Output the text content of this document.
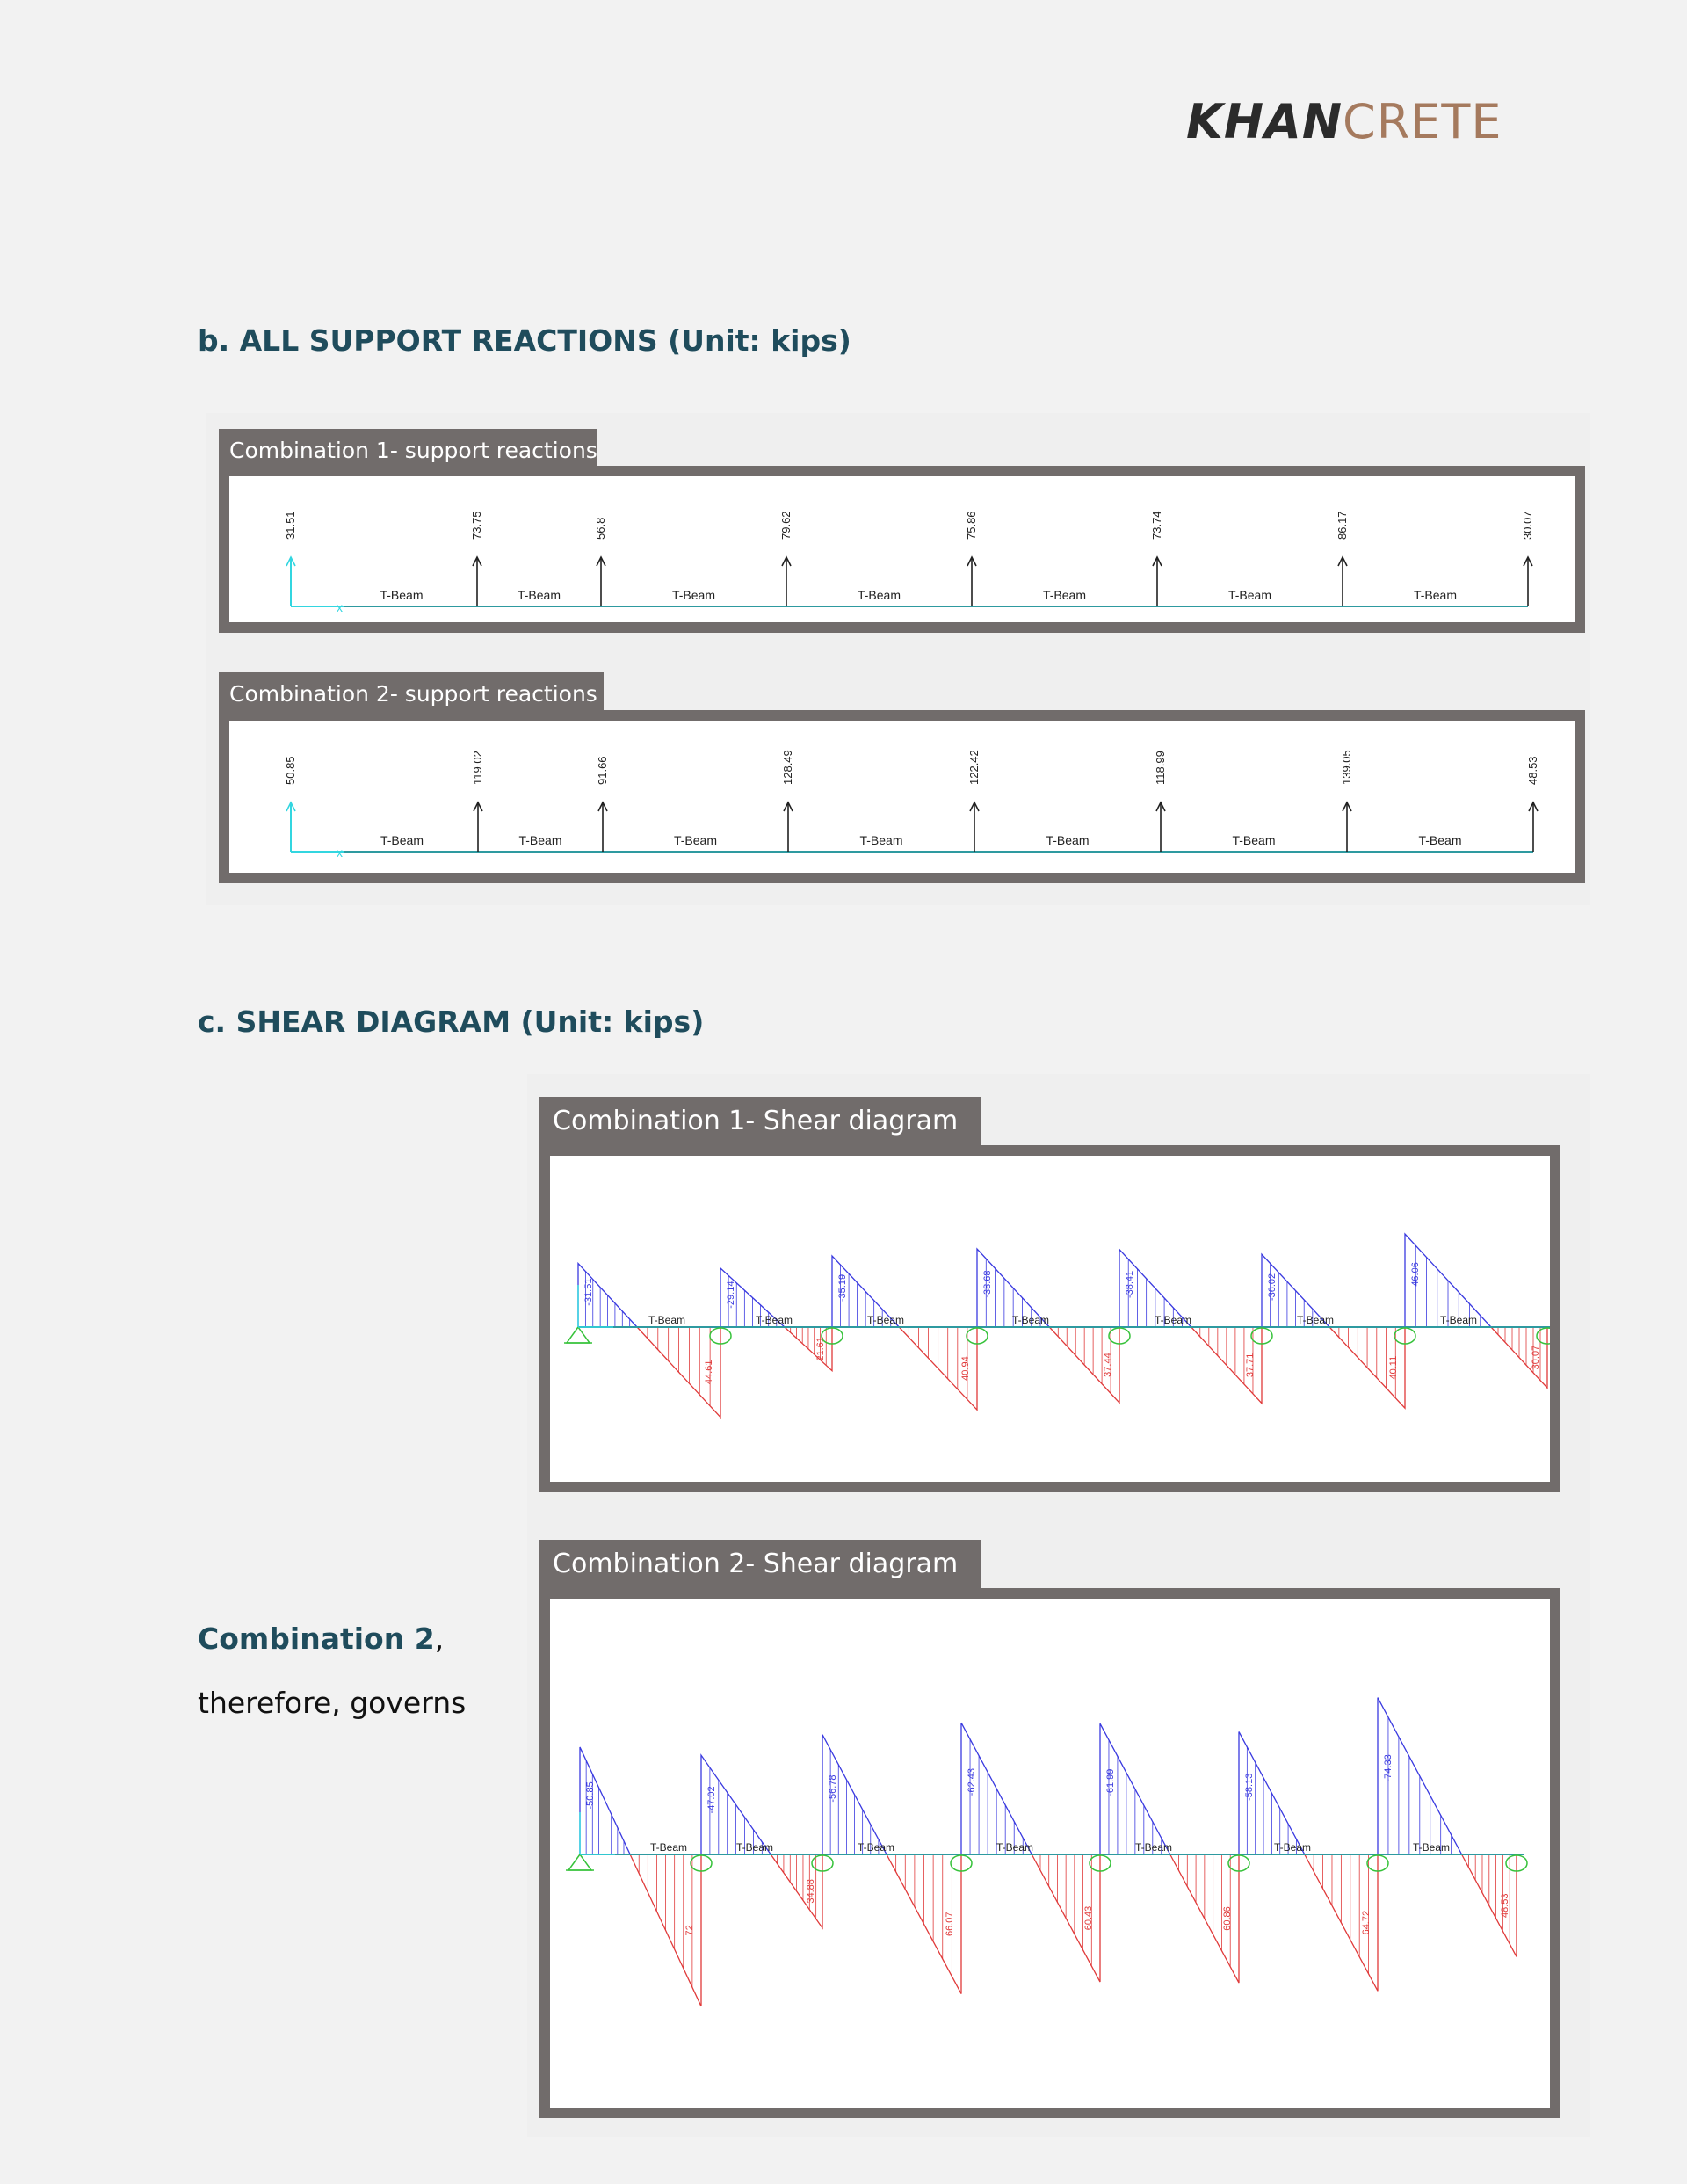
KHANCRETE
b. ALL SUPPORT REACTIONS (Unit: kips)
Combination 1- support reactions
x
T-Beam	T-Beam	T-Beam	T-Beam	T-Beam	T-Beam	T-Beam
31.51	73.75	56.8	79.62	75.86	73.74	86.17	30.07
Combination 2- support reactions
x
T-Beam	T-Beam	T-Beam	T-Beam	T-Beam	T-Beam	T-Beam
50.85	119.02	91.66	128.49	122.42	118.99	139.05	48.53
c. SHEAR DIAGRAM (Unit: kips)
Combination 1- Shear diagram
-31.51
44.61
T-Beam
-29.14
21.61
T-Beam
-35.19
40.94
T-Beam
-38.68
37.44
T-Beam
-38.41
37.71
T-Beam
-36.02
40.11
T-Beam
-46.06
30.07
T-Beam
Combination 2- Shear diagram
-50.85
72
T-Beam
-47.02
34.88
T-Beam
-56.78
66.07
T-Beam
-62.43
60.43
T-Beam
-61.99
60.86
T-Beam
-58.13
64.72
T-Beam
-74.33
48.53
T-Beam
Combination 2,
therefore, governs
